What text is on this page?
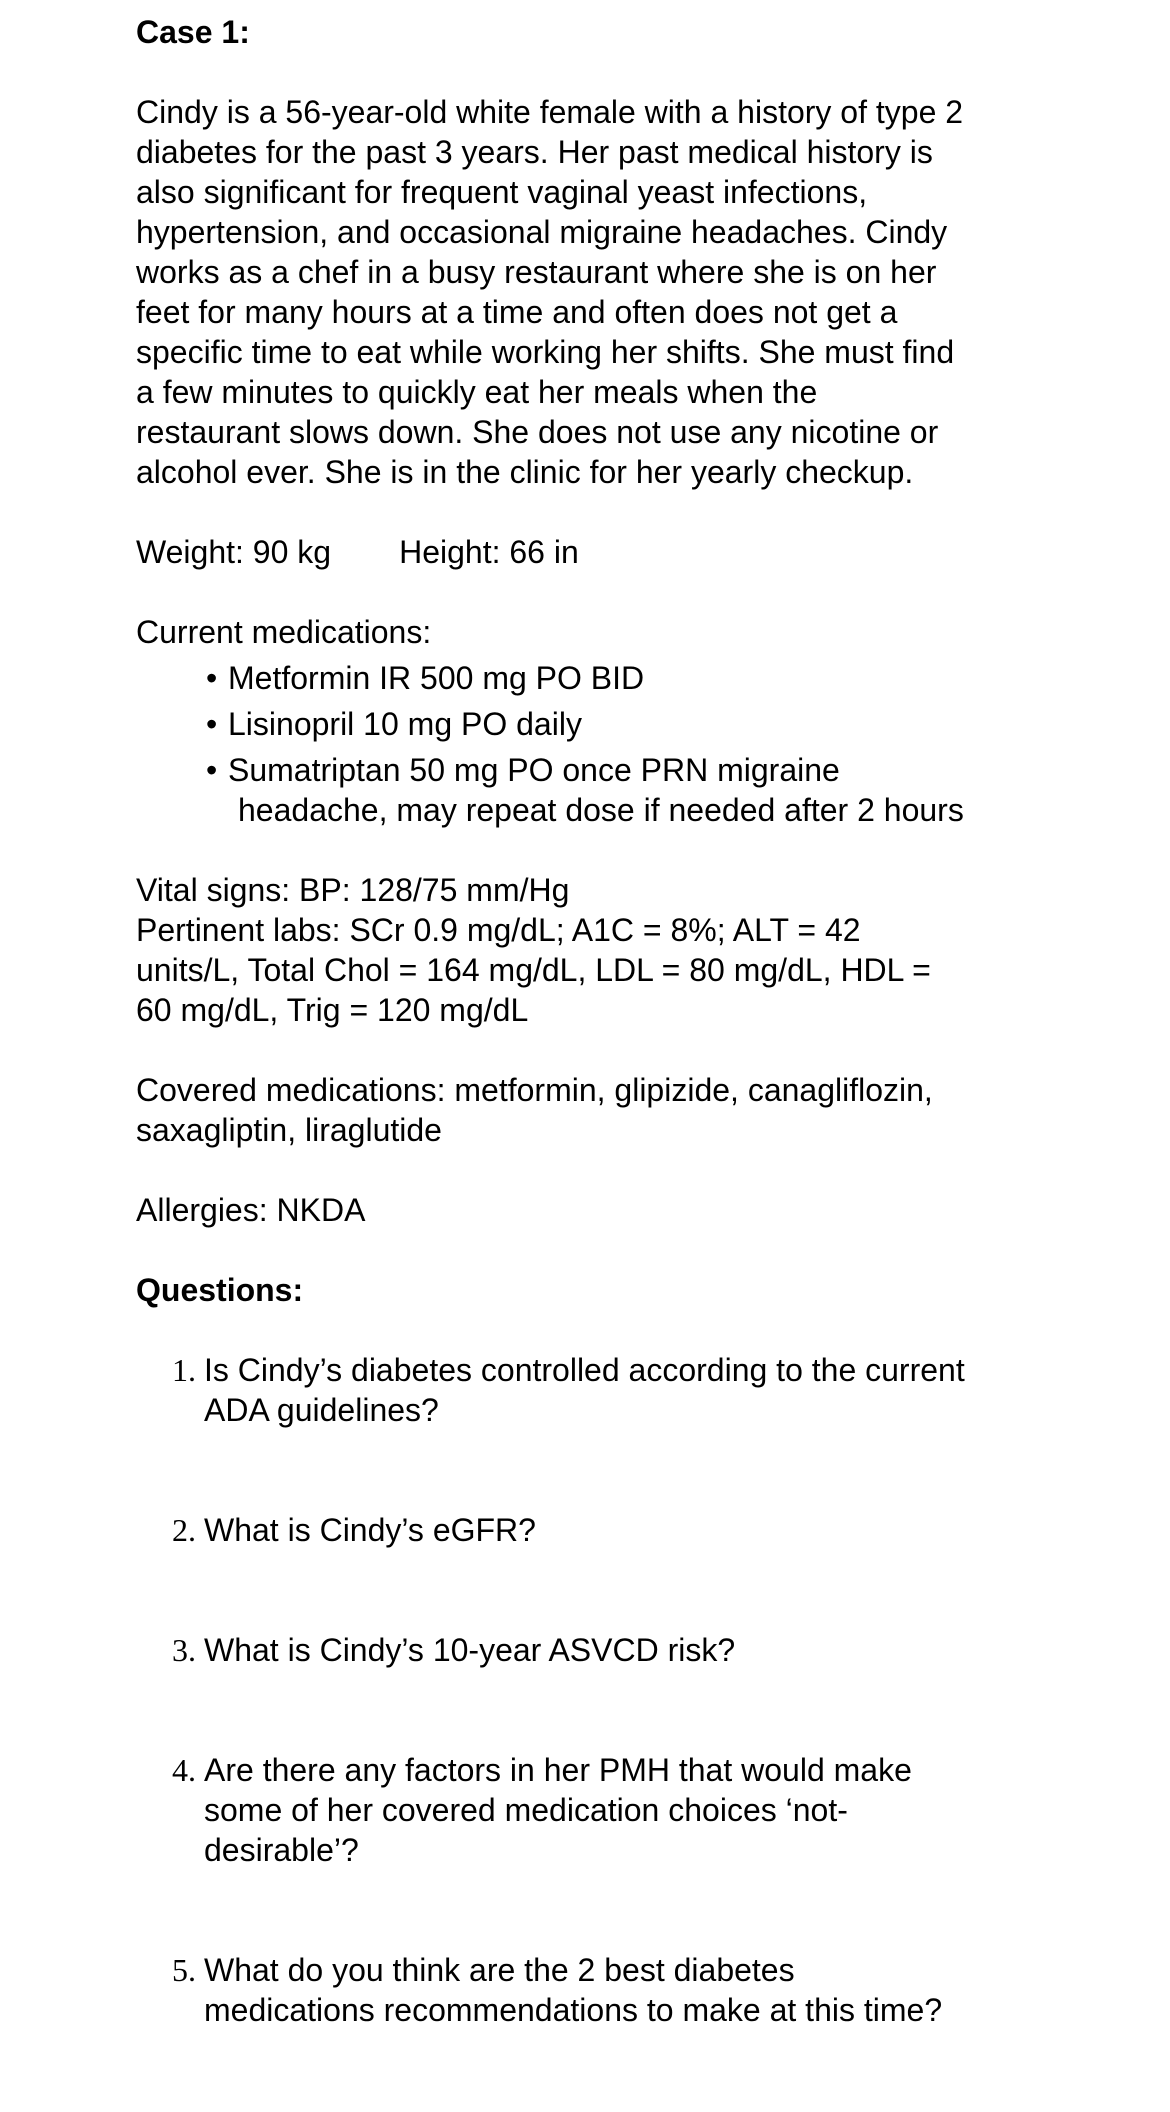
Case 1:
Cindy is a 56-year-old white female with a history of type 2
diabetes for the past 3 years. Her past medical history is
also significant for frequent vaginal yeast infections,
hypertension, and occasional migraine headaches. Cindy
works as a chef in a busy restaurant where she is on her
feet for many hours at a time and often does not get a
specific time to eat while working her shifts. She must find
a few minutes to quickly eat her meals when the
restaurant slows down. She does not use any nicotine or
alcohol ever. She is in the clinic for her yearly checkup.
Weight: 90 kg Height: 66 in
Current medications:
• Metformin IR 500 mg PO BID
• Lisinopril 10 mg PO daily
• Sumatriptan 50 mg PO once PRN migraine
headache, may repeat dose if needed after 2 hours
Vital signs: BP: 128/75 mm/Hg
Pertinent labs: SCr 0.9 mg/dL; A1C = 8%; ALT = 42
units/L, Total Chol = 164 mg/dL, LDL = 80 mg/dL, HDL =
60 mg/dL, Trig = 120 mg/dL
Covered medications: metformin, glipizide, canagliflozin,
saxagliptin, liraglutide
Allergies: NKDA
Questions:
1. Is Cindy’s diabetes controlled according to the current
ADA guidelines?
2. What is Cindy’s eGFR?
3. What is Cindy’s 10-year ASVCD risk?
4. Are there any factors in her PMH that would make
some of her covered medication choices ‘not-
desirable’?
5. What do you think are the 2 best diabetes
medications recommendations to make at this time?
